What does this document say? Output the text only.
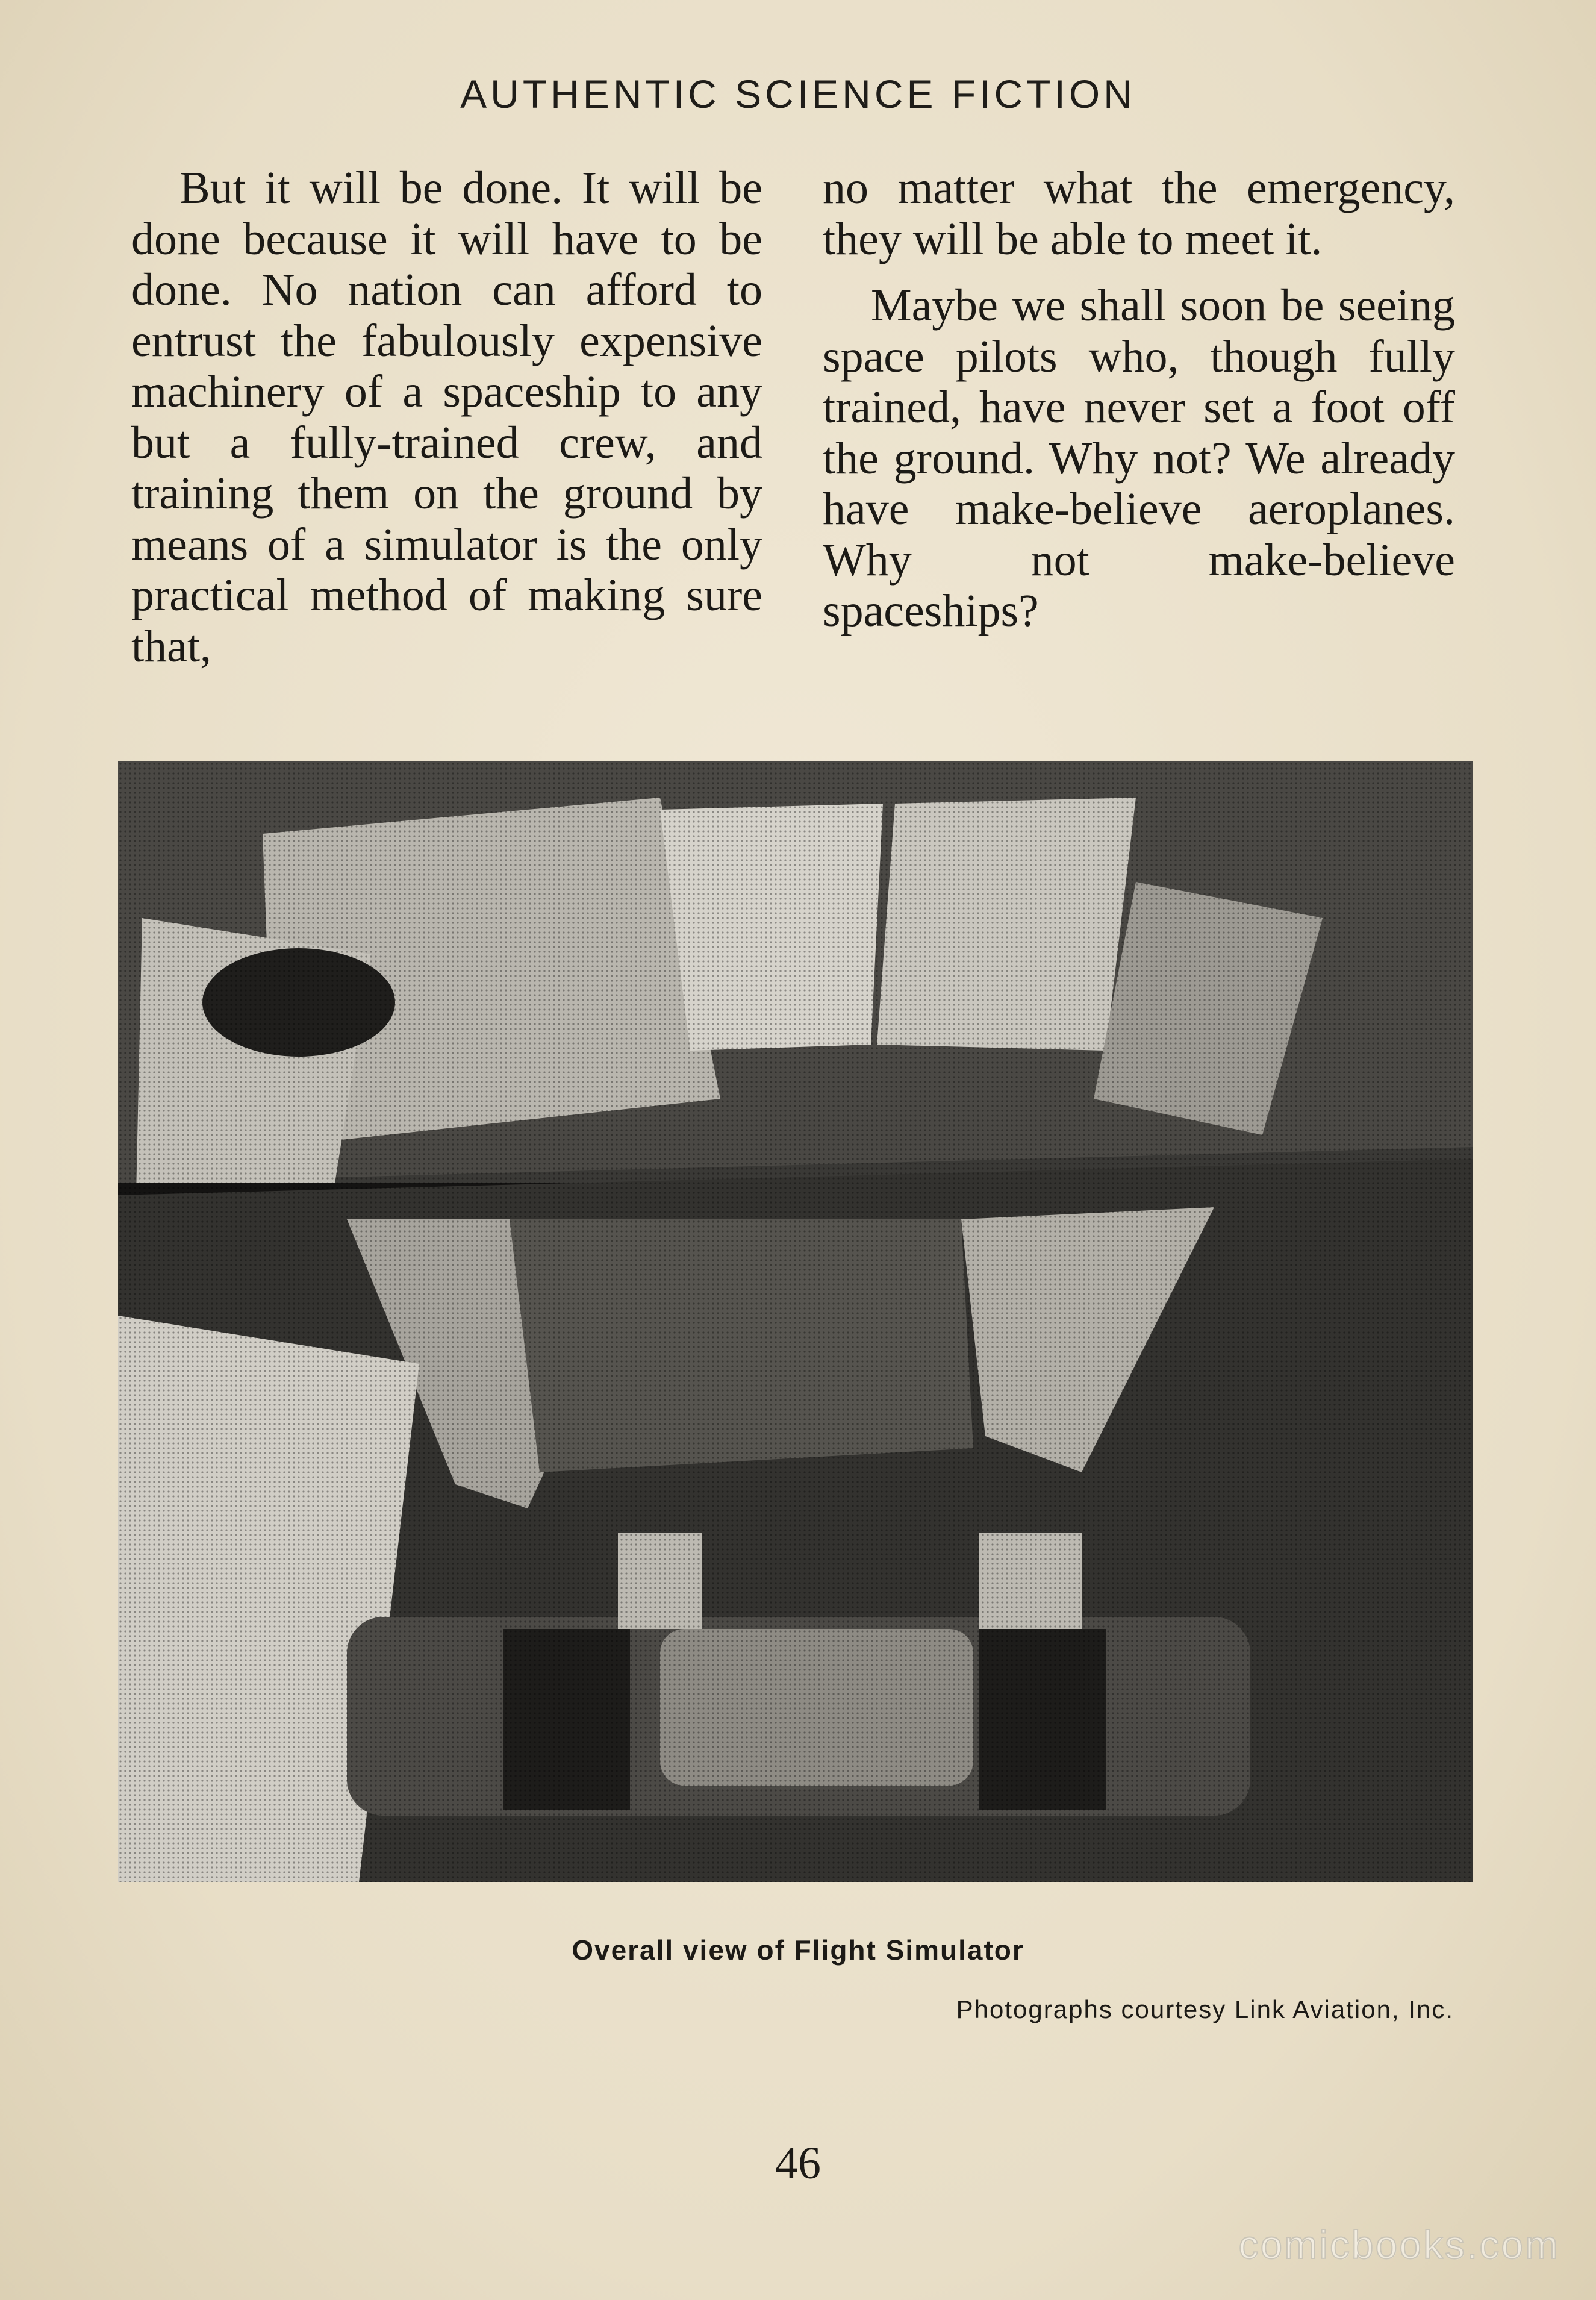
AUTHENTIC SCIENCE FICTION

But it will be done. It will be done because it will have to be done. No nation can afford to entrust the fabulously expensive machinery of a spaceship to any but a fully-trained crew, and training them on the ground by means of a simulator is the only practical method of making sure that,

no matter what the emergency, they will be able to meet it.

Maybe we shall soon be seeing space pilots who, though fully trained, have never set a foot off the ground. Why not? We already have make-believe aeroplanes. Why not make-believe spaceships?

Overall view of Flight Simulator
Photographs courtesy Link Aviation, Inc.
46
comicbooks.com
